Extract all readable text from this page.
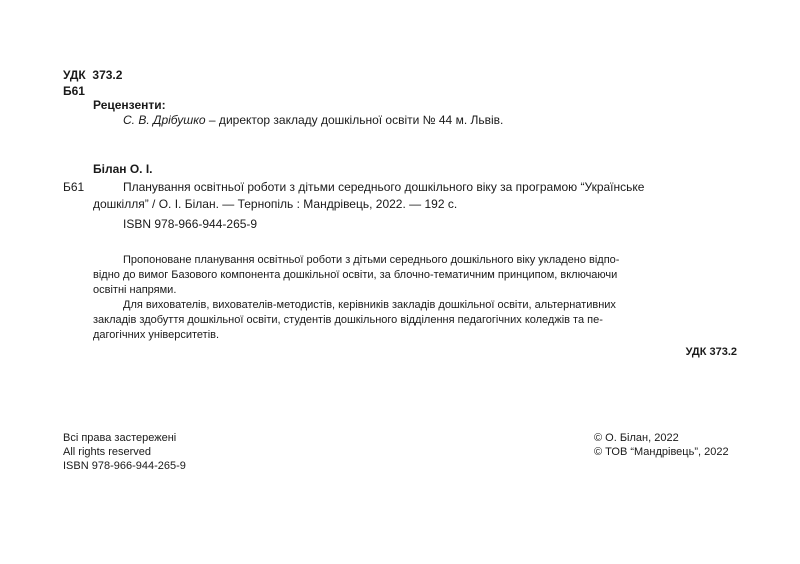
УДК 373.2
Б61
Рецензенти:
С. В. Дрібушко – директор закладу дошкільної освіти № 44 м. Львів.
Білан О. І.
Б61	Планування освітньої роботи з дітьми середнього дошкільного віку за програмою “Українське
дошкілля” / О. І. Білан. — Тернопіль : Мандрівець, 2022. — 192 с.
ISBN 978-966-944-265-9
Пропоноване планування освітньої роботи з дітьми середнього дошкільного віку укладено відпо-
відно до вимог Базового компонента дошкільної освіти, за блочно-тематичним принципом, включаючи
освітні напрями.
Для вихователів, вихователів-методистів, керівників закладів дошкільної освіти, альтернативних
закладів здобуття дошкільної освіти, студентів дошкільного відділення педагогічних коледжів та пе-
дагогічних університетів.
УДК 373.2
Всі права застережені
All rights reserved
ISBN 978-966-944-265-9
© О. Білан, 2022
© ТОВ “Мандрівець”, 2022
